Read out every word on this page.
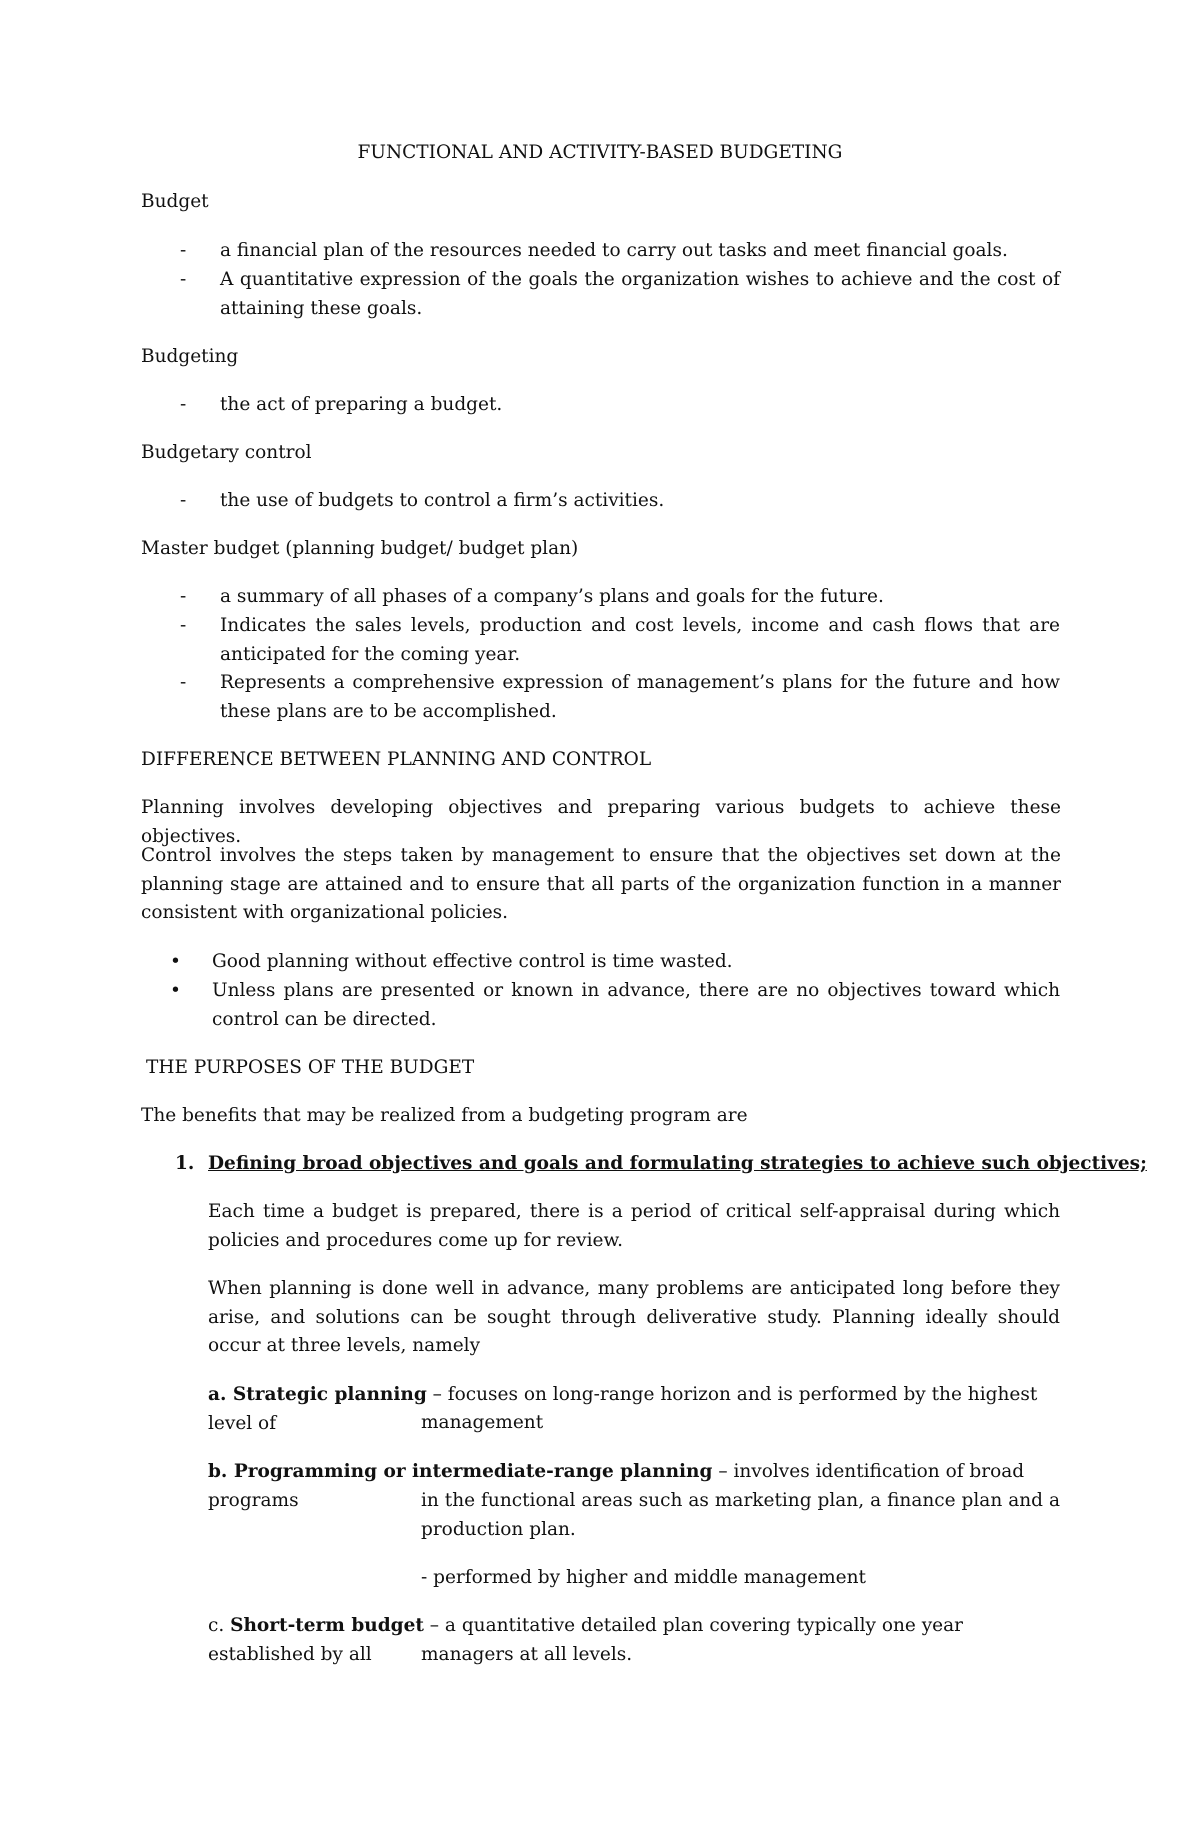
FUNCTIONAL AND ACTIVITY-BASED BUDGETING

Budget

-	a financial plan of the resources needed to carry out tasks and meet financial goals.

-	A quantitative expression of the goals the organization wishes to achieve and the cost of attaining these goals.

Budgeting

-	the act of preparing a budget.

Budgetary control

-	the use of budgets to control a firm’s activities.

Master budget (planning budget/ budget plan)

-	a summary of all phases of a company’s plans and goals for the future.

-	Indicates the sales levels, production and cost levels, income and cash flows that are anticipated for the coming year.

-	Represents a comprehensive expression of management’s plans for the future and how these plans are to be accomplished.

DIFFERENCE BETWEEN PLANNING AND CONTROL

Planning involves developing objectives and preparing various budgets to achieve these objectives.

Control involves the steps taken by management to ensure that the objectives set down at the planning stage are attained and to ensure that all parts of the organization function in a manner consistent with organizational policies.

• Good planning without effective control is time wasted.

• Unless plans are presented or known in advance, there are no objectives toward which control can be directed.

THE PURPOSES OF THE BUDGET

The benefits that may be realized from a budgeting program are

1. Defining broad objectives and goals and formulating strategies to achieve such objectives;

Each time a budget is prepared, there is a period of critical self-appraisal during which policies and procedures come up for review.

When planning is done well in advance, many problems are anticipated long before they arise, and solutions can be sought through deliverative study. Planning ideally should occur at three levels, namely

a. Strategic planning – focuses on long-range horizon and is performed by the highest level of	management

b. Programming or intermediate-range planning – involves identification of broad programs	in the functional areas such as marketing plan, a finance plan and a production plan.

- performed by higher and middle management

c. Short-term budget – a quantitative detailed plan covering typically one year established by all	managers at all levels.
